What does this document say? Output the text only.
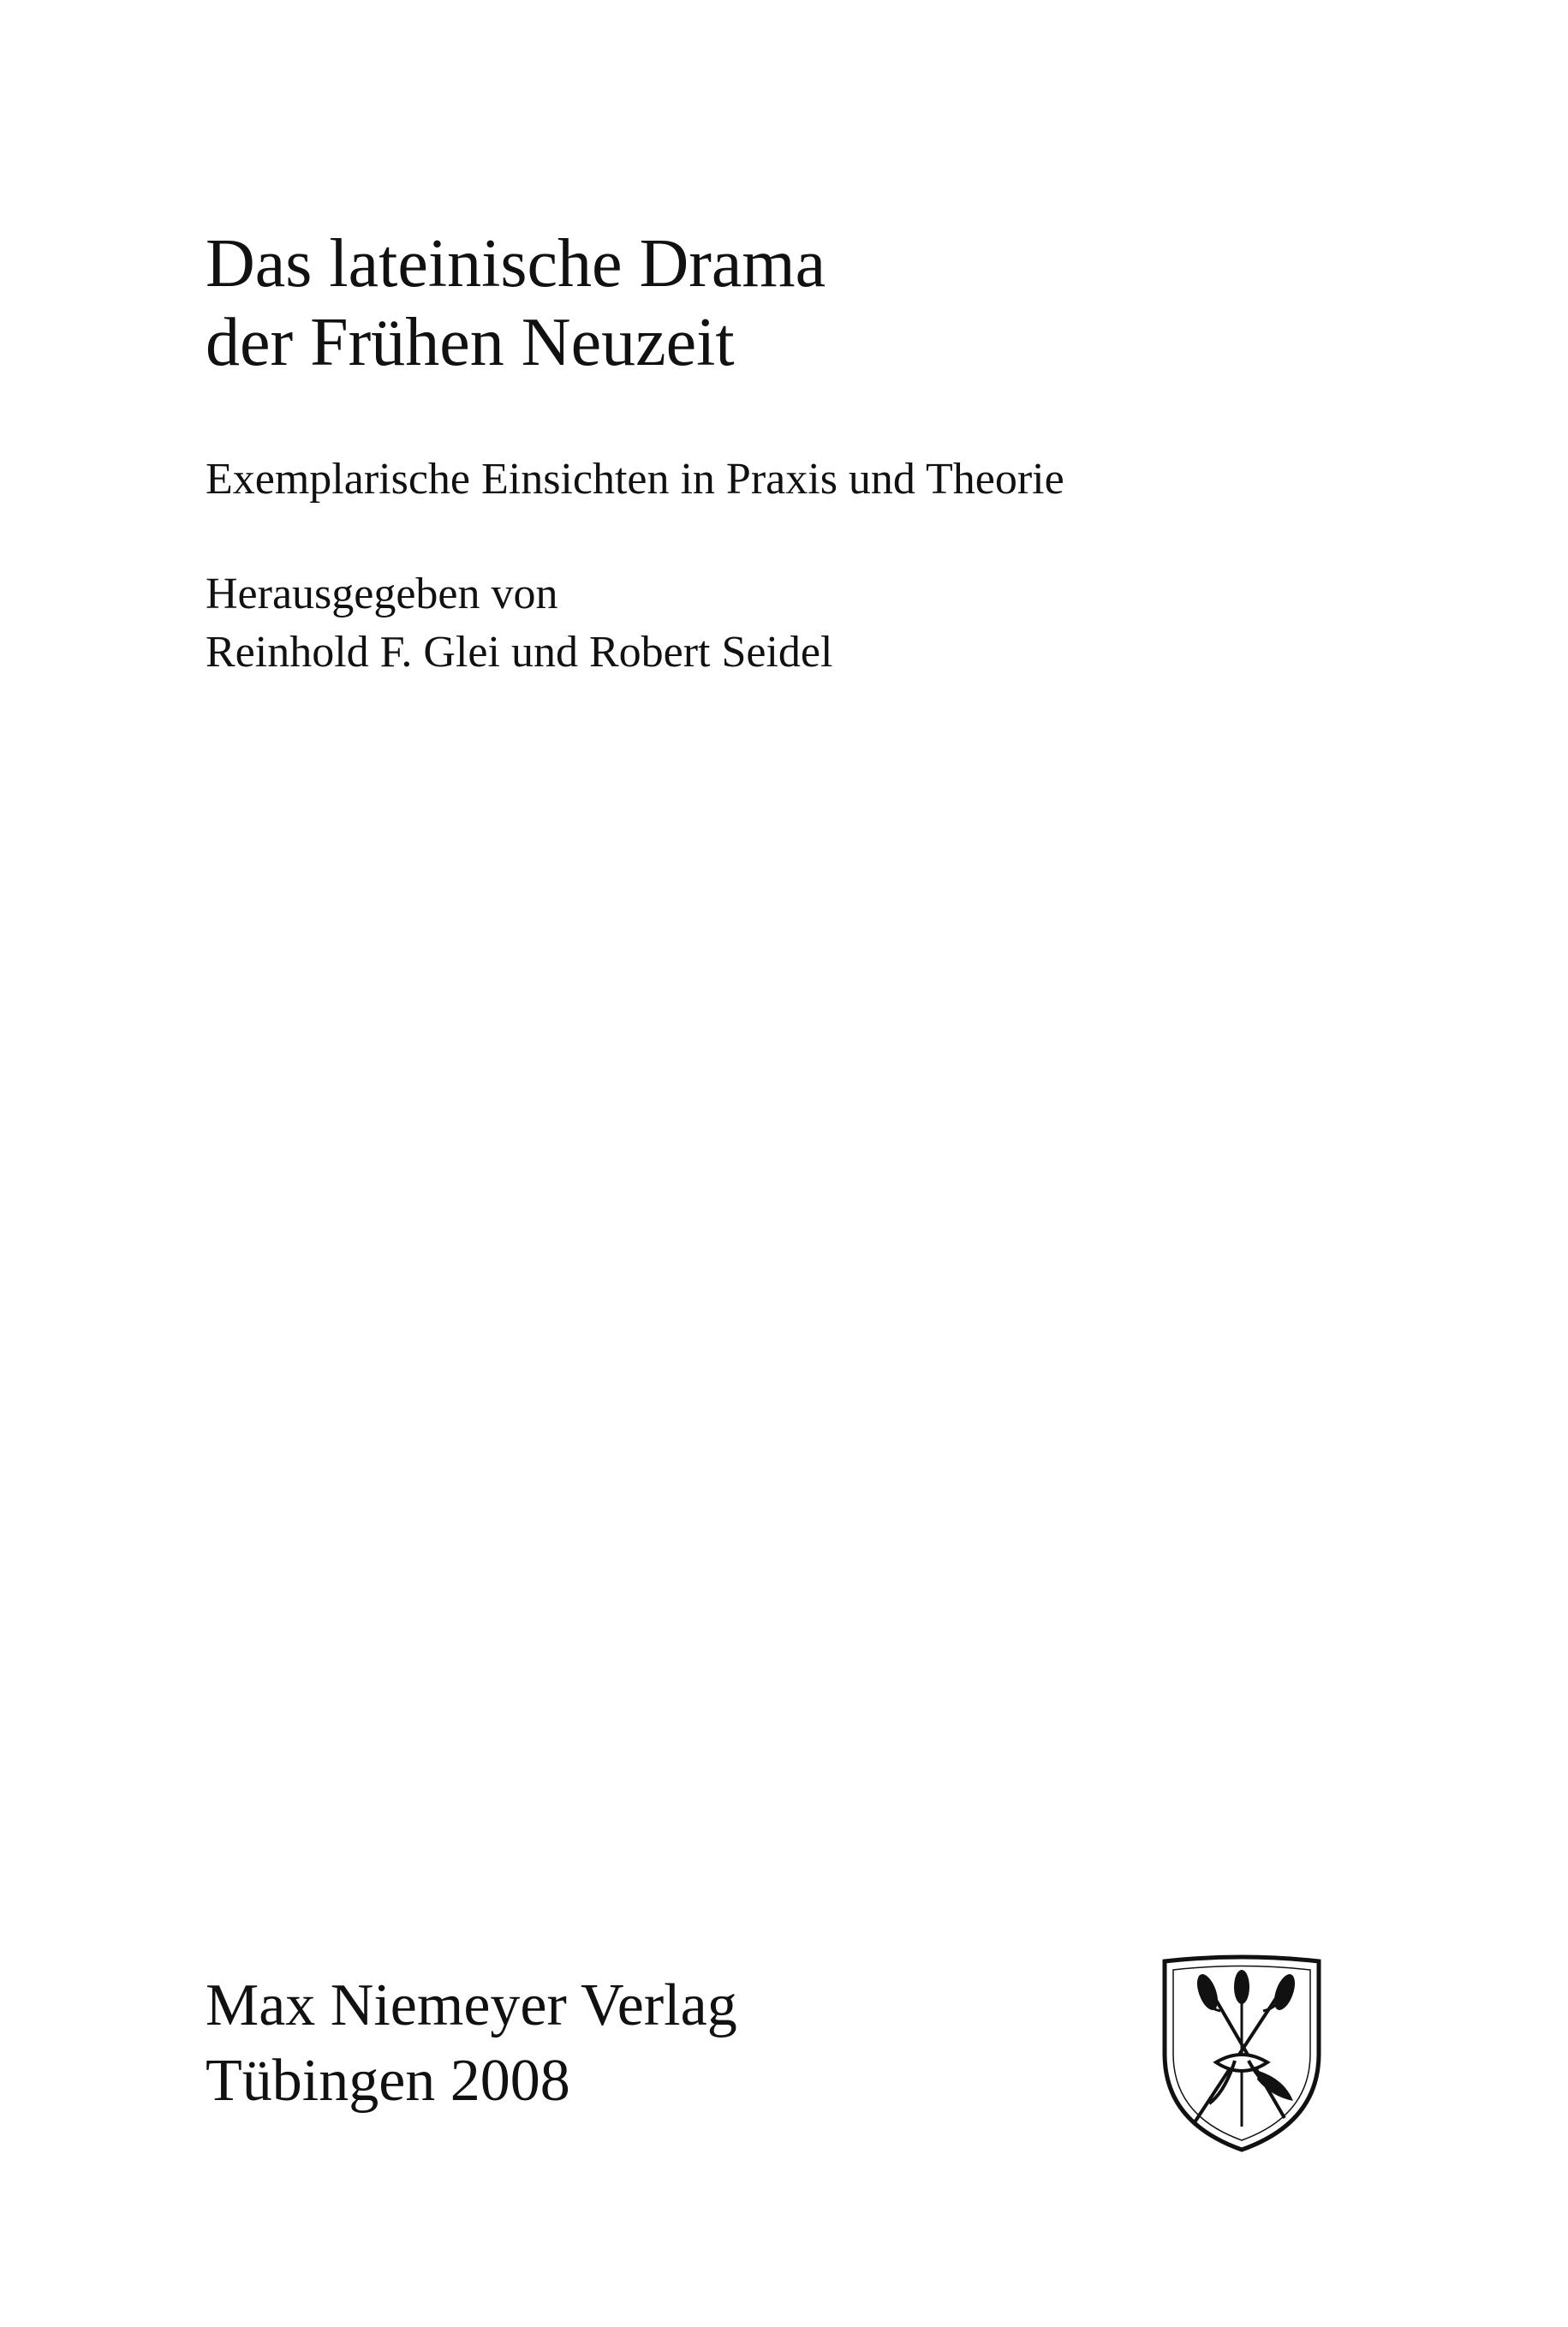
Das lateinische Drama
der Frühen Neuzeit
Exemplarische Einsichten in Praxis und Theorie
Herausgegeben von
Reinhold F. Glei und Robert Seidel
Max Niemeyer Verlag
Tübingen 2008
